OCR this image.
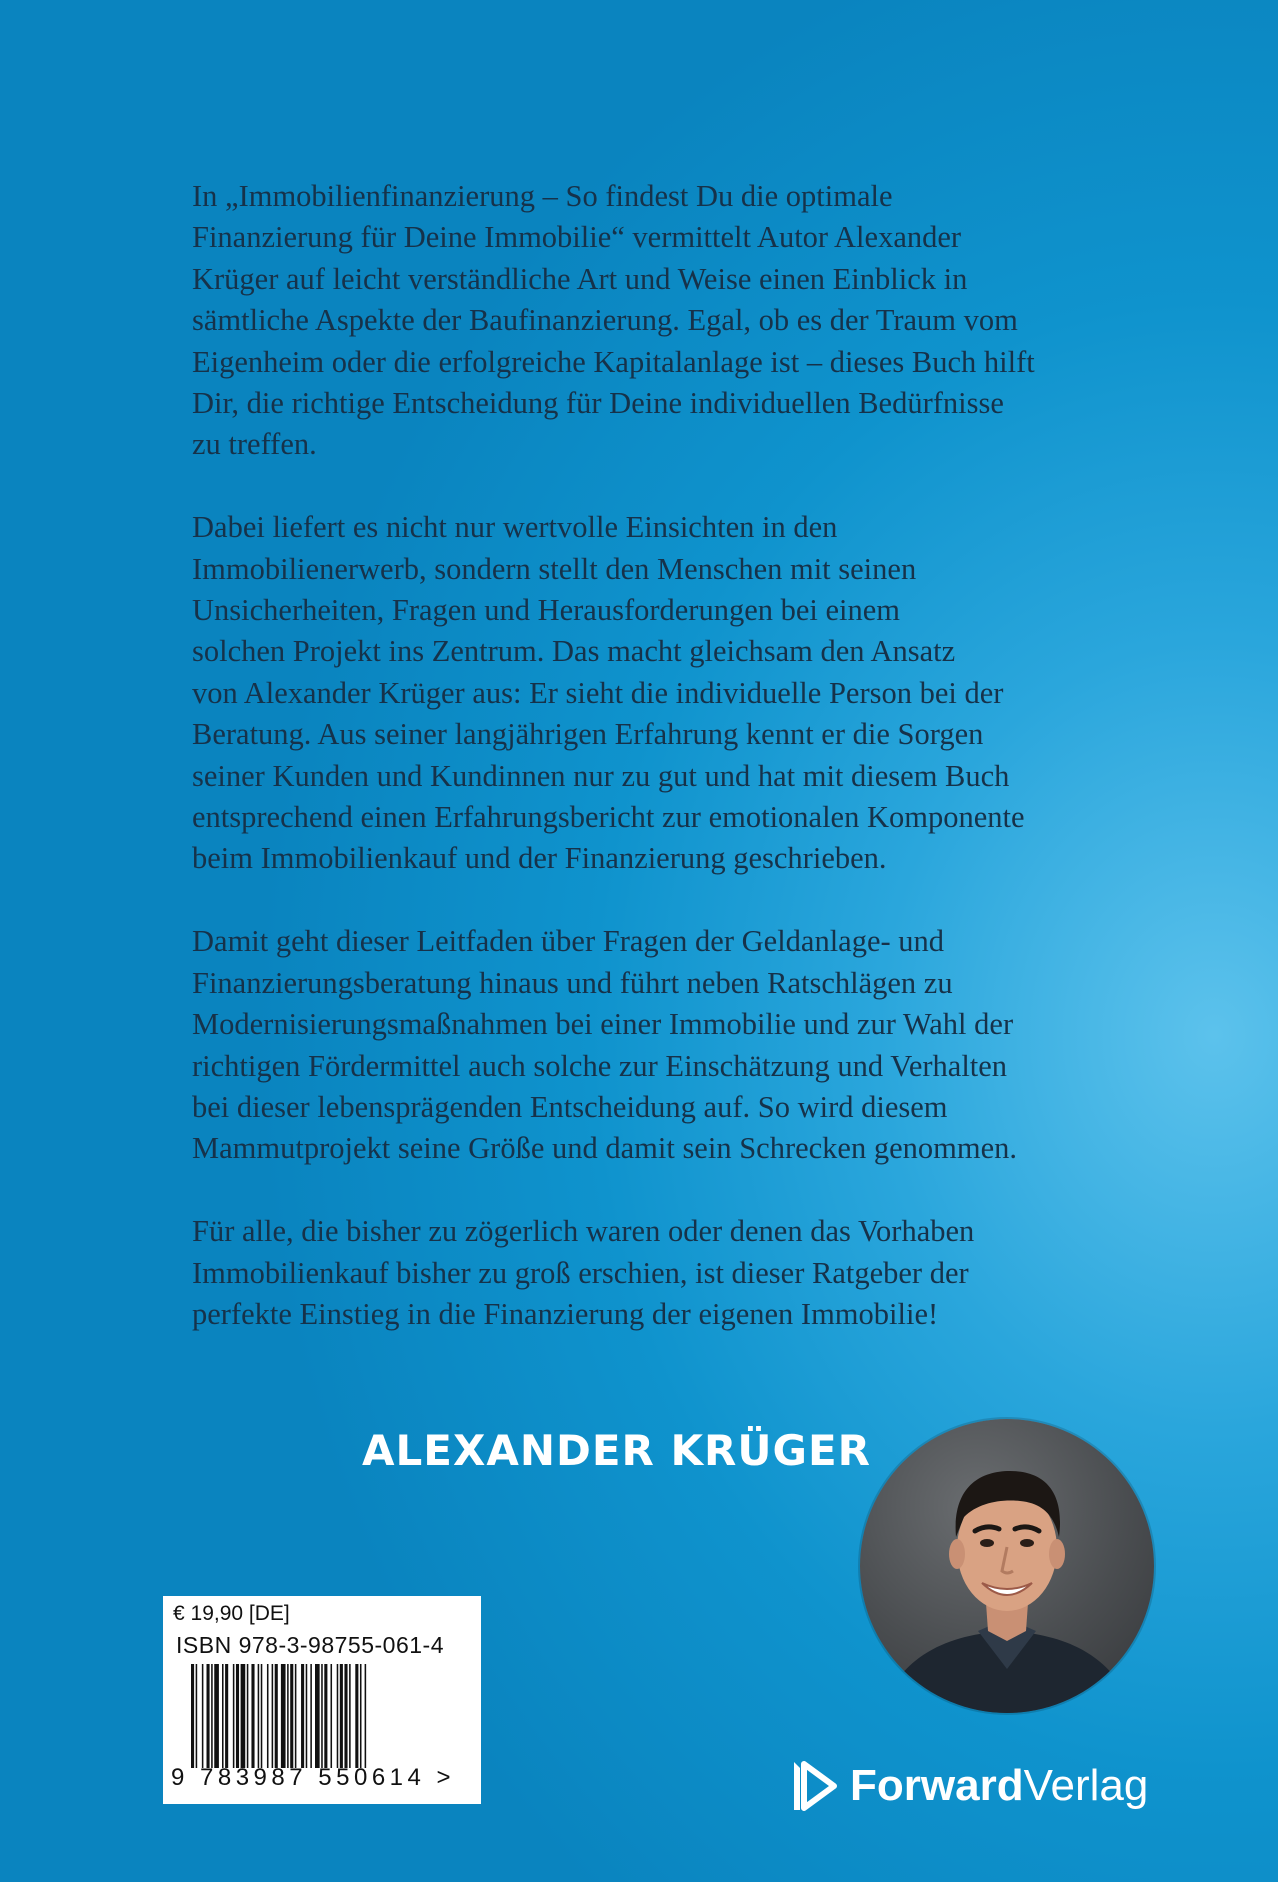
In „Immobilienfinanzierung – So findest Du die optimale
Finanzierung für Deine Immobilie“ vermittelt Autor Alexander
Krüger auf leicht verständliche Art und Weise einen Einblick in
sämtliche Aspekte der Baufinanzierung. Egal, ob es der Traum vom
Eigenheim oder die erfolgreiche Kapitalanlage ist – dieses Buch hilft
Dir, die richtige Entscheidung für Deine individuellen Bedürfnisse
zu treffen.

Dabei liefert es nicht nur wertvolle Einsichten in den
Immobilienerwerb, sondern stellt den Menschen mit seinen
Unsicherheiten, Fragen und Herausforderungen bei einem
solchen Projekt ins Zentrum. Das macht gleichsam den Ansatz
von Alexander Krüger aus: Er sieht die individuelle Person bei der
Beratung. Aus seiner langjährigen Erfahrung kennt er die Sorgen
seiner Kunden und Kundinnen nur zu gut und hat mit diesem Buch
entsprechend einen Erfahrungsbericht zur emotionalen Komponente
beim Immobilienkauf und der Finanzierung geschrieben.

Damit geht dieser Leitfaden über Fragen der Geldanlage- und
Finanzierungsberatung hinaus und führt neben Ratschlägen zu
Modernisierungsmaßnahmen bei einer Immobilie und zur Wahl der
richtigen Fördermittel auch solche zur Einschätzung und Verhalten
bei dieser lebensprägenden Entscheidung auf. So wird diesem
Mammutprojekt seine Größe und damit sein Schrecken genommen.

Für alle, die bisher zu zögerlich waren oder denen das Vorhaben
Immobilienkauf bisher zu groß erschien, ist dieser Ratgeber der
perfekte Einstieg in die Finanzierung der eigenen Immobilie!

ALEXANDER KRÜGER
€ 19,90 [DE]
ISBN 978-3-98755-061-4
9 783987 550614 >	Forward Verlag
